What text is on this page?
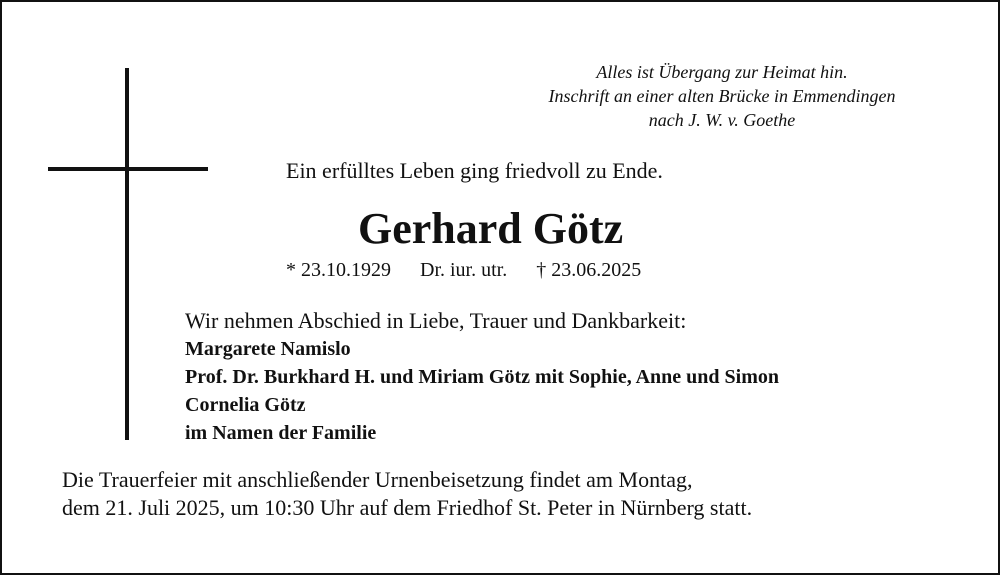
Alles ist Übergang zur Heimat hin.
Inschrift an einer alten Brücke in Emmendingen
nach J. W. v. Goethe
Ein erfülltes Leben ging friedvoll zu Ende.
Gerhard Götz
* 23.10.1929 Dr. iur. utr. † 23.06.2025
Wir nehmen Abschied in Liebe, Trauer und Dankbarkeit:
Margarete Namislo
Prof. Dr. Burkhard H. und Miriam Götz mit Sophie, Anne und Simon
Cornelia Götz
im Namen der Familie
Die Trauerfeier mit anschließender Urnenbeisetzung findet am Montag,
dem 21. Juli 2025, um 10:30 Uhr auf dem Friedhof St. Peter in Nürnberg statt.
